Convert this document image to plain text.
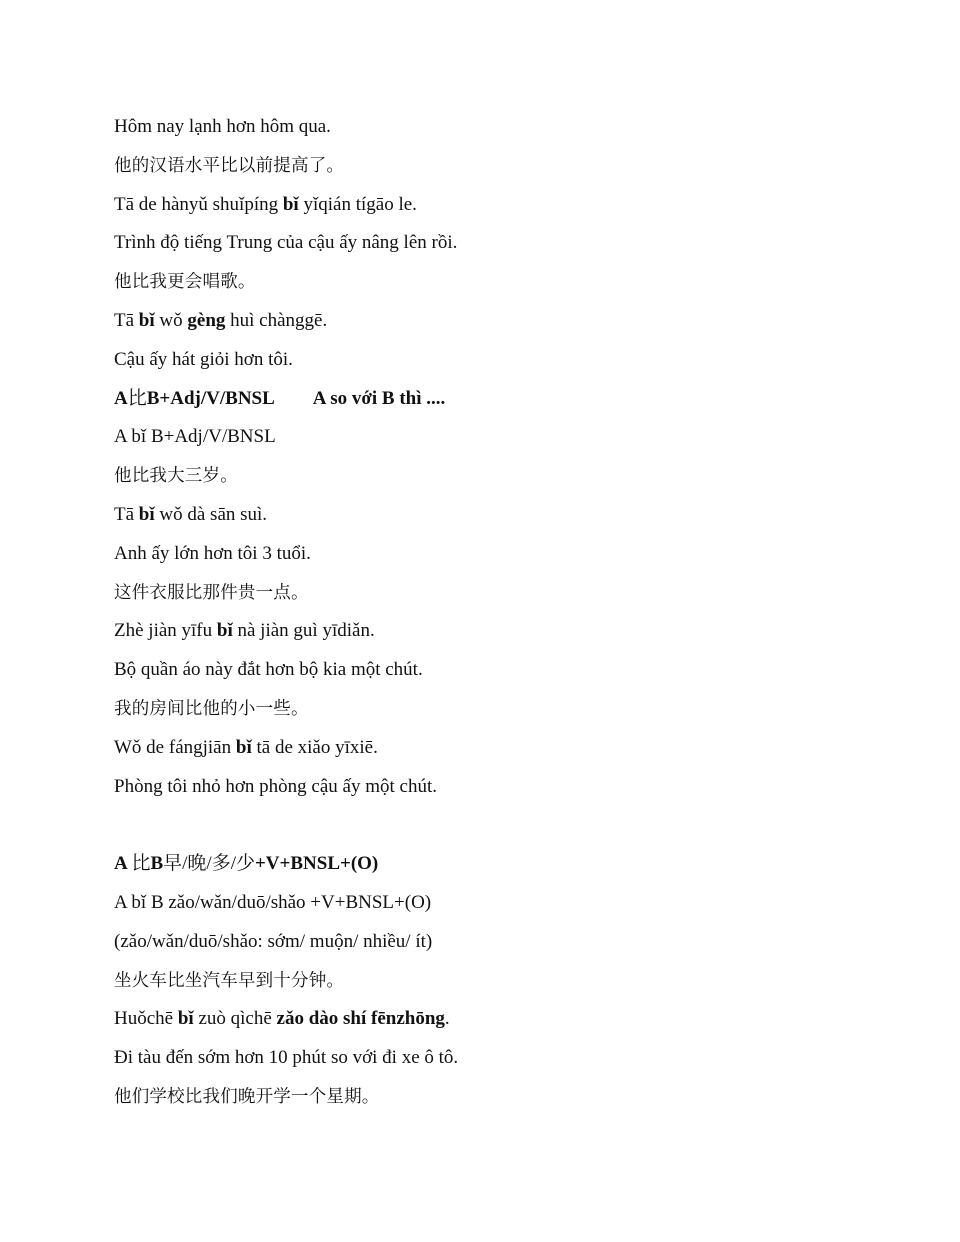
Hôm nay lạnh hơn hôm qua.
他的汉语水平比以前提高了。
Tā de hànyǔ shuǐpíng bǐ yǐqián tígāo le.
Trình độ tiếng Trung của cậu ấy nâng lên rồi.
他比我更会唱歌。
Tā bǐ wǒ gèng huì chànggē.
Cậu ấy hát giỏi hơn tôi.
A比B+Adj/V/BNSL A so với B thì ....
A bǐ B+Adj/V/BNSL
他比我大三岁。
Tā bǐ wǒ dà sān suì.
Anh ấy lớn hơn tôi 3 tuổi.
这件衣服比那件贵一点。
Zhè jiàn yīfu bǐ nà jiàn guì yīdiǎn.
Bộ quần áo này đắt hơn bộ kia một chút.
我的房间比他的小一些。
Wǒ de fángjiān bǐ tā de xiǎo yīxiē.
Phòng tôi nhỏ hơn phòng cậu ấy một chút.
A 比B早/晚/多/少+V+BNSL+(O)
A bǐ B zǎo/wǎn/duō/shǎo +V+BNSL+(O)
(zǎo/wǎn/duō/shǎo: sớm/ muộn/ nhiều/ ít)
坐火车比坐汽车早到十分钟。
Huǒchē bǐ zuò qìchē zǎo dào shí fēnzhōng.
Đi tàu đến sớm hơn 10 phút so với đi xe ô tô.
他们学校比我们晚开学一个星期。
